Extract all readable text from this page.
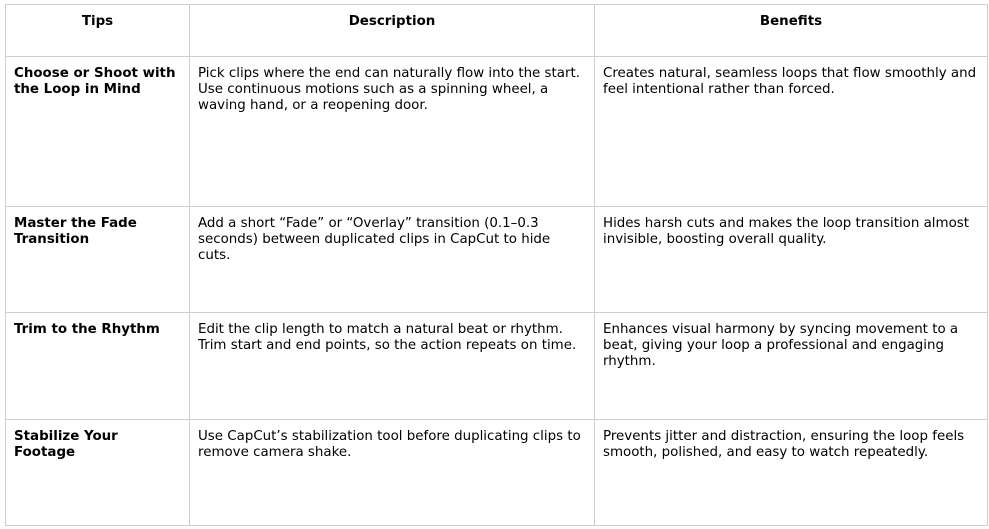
Tips	Description	Benefits
Choose or Shoot with the Loop in Mind	Pick clips where the end can naturally flow into the start. Use continuous motions such as a spinning wheel, a waving hand, or a reopening door.	Creates natural, seamless loops that flow smoothly and feel intentional rather than forced.
Master the Fade Transition	Add a short “Fade” or “Overlay” transition (0.1–0.3 seconds) between duplicated clips in CapCut to hide cuts.	Hides harsh cuts and makes the loop transition almost invisible, boosting overall quality.
Trim to the Rhythm	Edit the clip length to match a natural beat or rhythm. Trim start and end points, so the action repeats on time.	Enhances visual harmony by syncing movement to a beat, giving your loop a professional and engaging rhythm.
Stabilize Your Footage	Use CapCut’s stabilization tool before duplicating clips to remove camera shake.	Prevents jitter and distraction, ensuring the loop feels smooth, polished, and easy to watch repeatedly.
